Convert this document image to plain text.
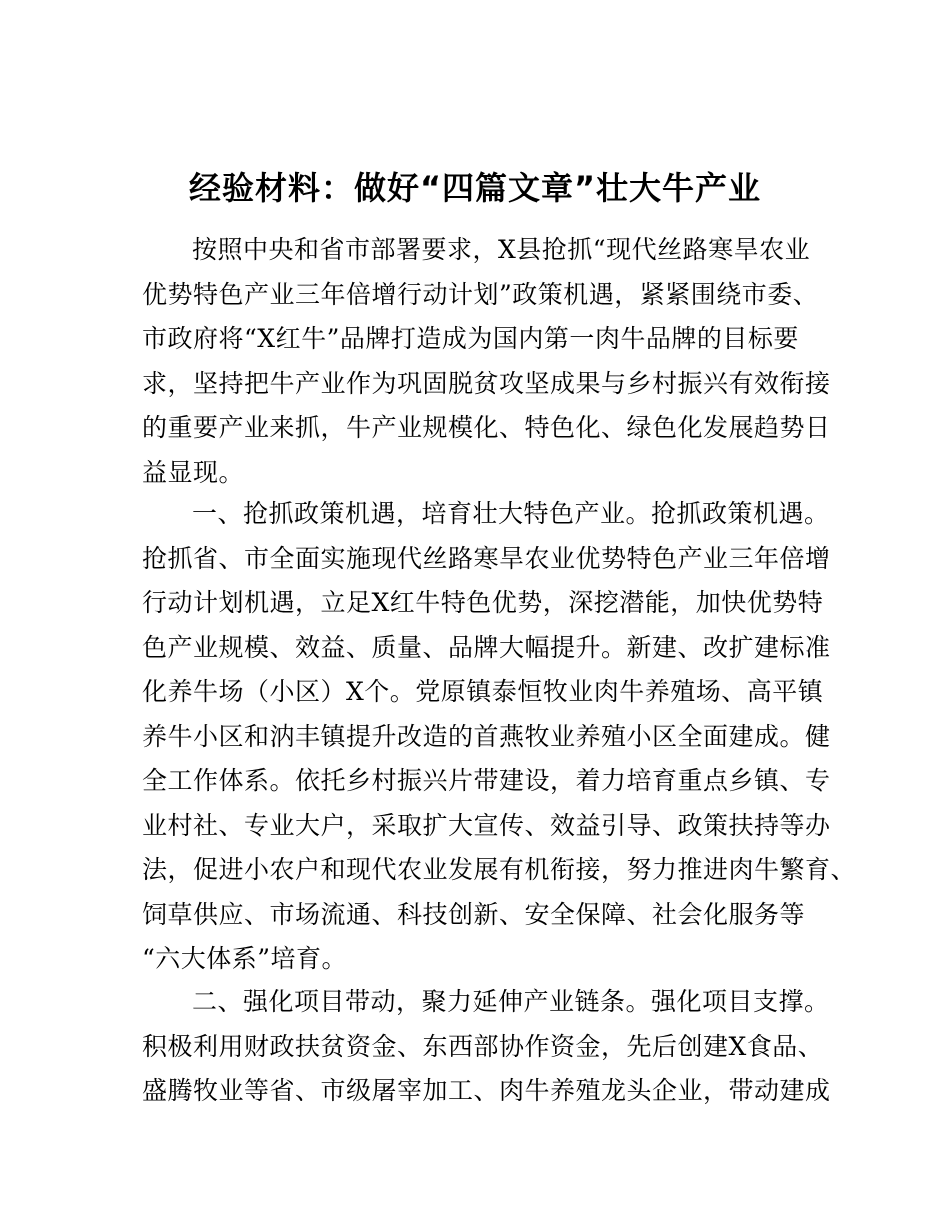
经验材料：做好“四篇文章”壮大牛产业
按照中央和省市部署要求，X县抢抓“现代丝路寒旱农业
优势特色产业三年倍增行动计划”政策机遇，紧紧围绕市委、
市政府将“X红牛”品牌打造成为国内第一肉牛品牌的目标要
求，坚持把牛产业作为巩固脱贫攻坚成果与乡村振兴有效衔接
的重要产业来抓，牛产业规模化、特色化、绿色化发展趋势日
益显现。
一、抢抓政策机遇，培育壮大特色产业。抢抓政策机遇。
抢抓省、市全面实施现代丝路寒旱农业优势特色产业三年倍增
行动计划机遇，立足X红牛特色优势，深挖潜能，加快优势特
色产业规模、效益、质量、品牌大幅提升。新建、改扩建标准
化养牛场（小区）X个。党原镇泰恒牧业肉牛养殖场、高平镇
养牛小区和汭丰镇提升改造的首燕牧业养殖小区全面建成。健
全工作体系。依托乡村振兴片带建设，着力培育重点乡镇、专
业村社、专业大户，采取扩大宣传、效益引导、政策扶持等办
法，促进小农户和现代农业发展有机衔接，努力推进肉牛繁育、
饲草供应、市场流通、科技创新、安全保障、社会化服务等
“六大体系”培育。
二、强化项目带动，聚力延伸产业链条。强化项目支撑。
积极利用财政扶贫资金、东西部协作资金，先后创建X食品、
盛腾牧业等省、市级屠宰加工、肉牛养殖龙头企业，带动建成
